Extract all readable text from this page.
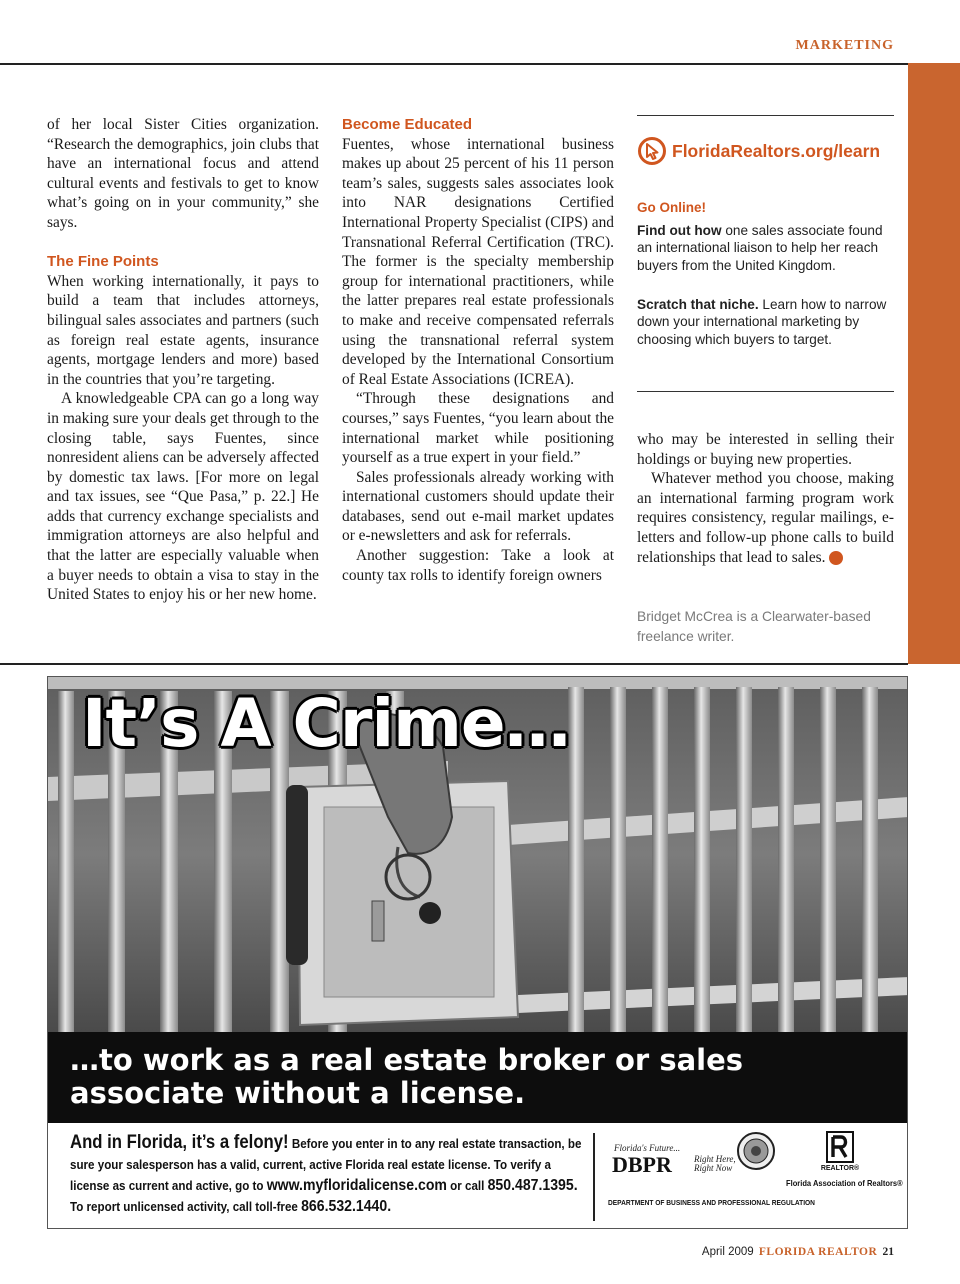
MARKETING

of her local Sister Cities organization. “Research the demographics, join clubs that have an international focus and attend cultural events and festivals to get to know what’s going on in your community,” she says.

The Fine Points

When working internationally, it pays to build a team that includes attorneys, bilingual sales associates and partners (such as foreign real estate agents, insurance agents, mortgage lenders and more) based in the countries that you’re targeting.

A knowledgeable CPA can go a long way in making sure your deals get through to the closing table, says Fuentes, since nonresident aliens can be adversely affected by domestic tax laws. [For more on legal and tax issues, see “Que Pasa,” p. 22.] He adds that currency exchange specialists and immigration attorneys are also helpful and that the latter are especially valuable when a buyer needs to obtain a visa to stay in the United States to enjoy his or her new home.

Become Educated

Fuentes, whose international business makes up about 25 percent of his 11 person team’s sales, suggests sales associates look into NAR designations Certified International Property Specialist (CIPS) and Transnational Referral Certification (TRC). The former is the specialty membership group for international practitioners, while the latter prepares real estate professionals to make and receive compensated referrals using the transnational referral system developed by the International Consortium of Real Estate Associations (ICREA).

“Through these designations and courses,” says Fuentes, “you learn about the international market while positioning yourself as a true expert in your field.”

Sales professionals already working with international customers should update their databases, send out e-mail market updates or e-newsletters and ask for referrals.

Another suggestion: Take a look at county tax rolls to identify foreign owners

FloridaRealtors.org/learn
Go Online!

Find out how one sales associate found an international liaison to help her reach buyers from the United Kingdom.

Scratch that niche. Learn how to narrow down your international marketing by choosing which buyers to target.

who may be interested in selling their holdings or buying new properties.

Whatever method you choose, making an international farming program work requires consistency, regular mailings, e-letters and follow-up phone calls to build relationships that lead to sales. R

Bridget McCrea is a Clearwater-based freelance writer.

It’s A Crime…

…to work as a real estate broker or sales associate without a license.

And in Florida, it’s a felony! Before you enter in to any real estate transaction, be sure your salesperson has a valid, current, active Florida real estate license. To verify a license as current and active, go to www.myfloridalicense.com or call 850.487.1395.
To report unlicensed activity, call toll-free 866.532.1440.

Florida's Future...
DBPR Right Here,
Right Now
DEPARTMENT OF BUSINESS AND PROFESSIONAL REGULATION
REALTOR®
Florida Association of Realtors®
April 2009 FLORIDA REALTOR 21
